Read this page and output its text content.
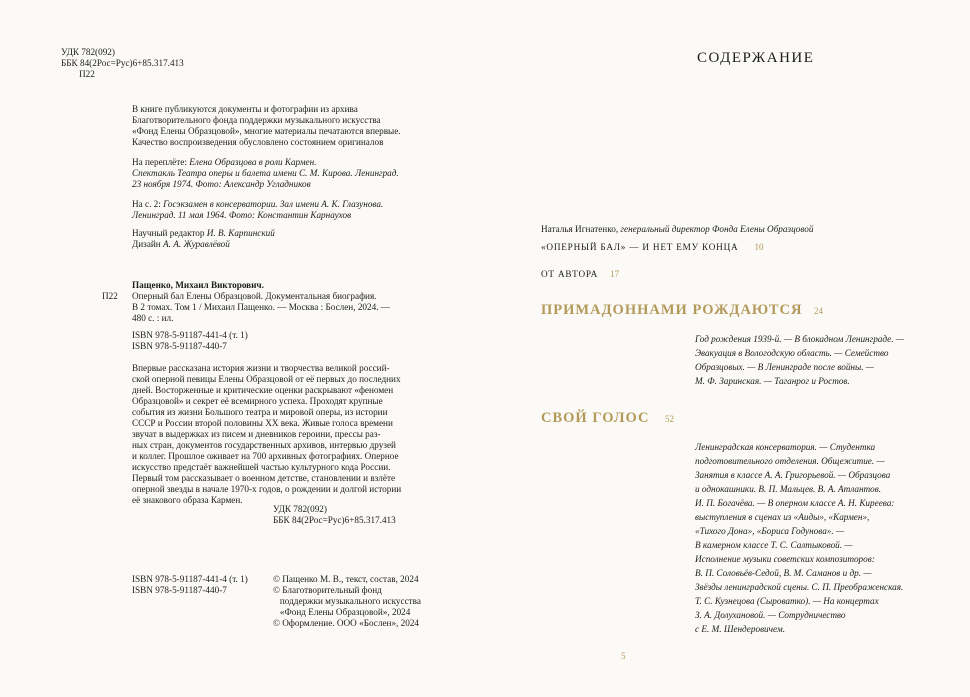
УДК 782(092)
ББК 84(2Рос=Рус)6+85.317.413
П22
В книге публикуются документы и фотографии из архива
Благотворительного фонда поддержки музыкального искусства
«Фонд Елены Образцовой», многие материалы печатаются впервые.
Качество воспроизведения обусловлено состоянием оригиналов
На переплёте: Елена Образцова в роли Кармен.
Спектакль Театра оперы и балета имени С. М. Кирова. Ленинград.
23 ноября 1974. Фото: Александр Угладников
На с. 2: Госэкзамен в консерватории. Зал имени А. К. Глазунова.
Ленинград. 11 мая 1964. Фото: Константин Карнаухов
Научный редактор И. В. Карпинский
Дизайн А. А. Журавлёвой
П22
Пащенко, Михаил Викторович.
Оперный бал Елены Образцовой. Документальная биография.
В 2 томах. Том 1 / Михаил Пащенко. — Москва : Бослен, 2024. —
480 с. : ил.
ISBN 978-5-91187-441-4 (т. 1)
ISBN 978-5-91187-440-7
Впервые рассказана история жизни и творчества великой россий-
ской оперной певицы Елены Образцовой от её первых до последних
дней. Восторженные и критические оценки раскрывают «феномен
Образцовой» и секрет её всемирного успеха. Проходят крупные
события из жизни Большого театра и мировой оперы, из истории
СССР и России второй половины XX века. Живые голоса времени
звучат в выдержках из писем и дневников героини, прессы раз-
ных стран, документов государственных архивов, интервью друзей
и коллег. Прошлое оживает на 700 архивных фотографиях. Оперное
искусство предстаёт важнейшей частью культурного кода России.
Первый том рассказывает о военном детстве, становлении и взлёте
оперной звезды в начале 1970-х годов, о рождении и долгой истории
её знакового образа Кармен.
УДК 782(092)
ББК 84(2Рос=Рус)6+85.317.413
ISBN 978-5-91187-441-4 (т. 1)
ISBN 978-5-91187-440-7
© Пащенко М. В., текст, состав, 2024
© Благотворительный фонд
поддержки музыкального искусства
«Фонд Елены Образцовой», 2024
© Оформление. ООО «Бослен», 2024
СОДЕРЖАНИЕ
Наталья Игнатенко, генеральный директор Фонда Елены Образцовой
«ОПЕРНЫЙ БАЛ» — И НЕТ ЕМУ КОНЦА 10
ОТ АВТОРА 17
ПРИМАДОННАМИ РОЖДАЮТСЯ 24
Год рождения 1939-й. — В блокадном Ленинграде. —
Эвакуация в Вологодскую область. — Семейство
Образцовых. — В Ленинграде после войны. —
М. Ф. Заринская. — Таганрог и Ростов.
СВОЙ ГОЛОС 52
Ленинградская консерватория. — Студентка
подготовительного отделения. Общежитие. —
Занятия в классе А. А. Григорьевой. — Образцова
и однокашники. В. П. Мальцев. В. А. Атлантов.
И. П. Богачёва. — В оперном классе А. Н. Киреева:
выступления в сценах из «Аиды», «Кармен»,
«Тихого Дона», «Бориса Годунова». —
В камерном классе Т. С. Салтыковой. —
Исполнение музыки советских композиторов:
В. П. Соловьёв-Седой, В. М. Саманов и др. —
Звёзды ленинградской сцены. С. П. Преображенская.
Т. С. Кузнецова (Сыроватко). — На концертах
З. А. Долухановой. — Сотрудничество
с Е. М. Шендеровичем.
5
